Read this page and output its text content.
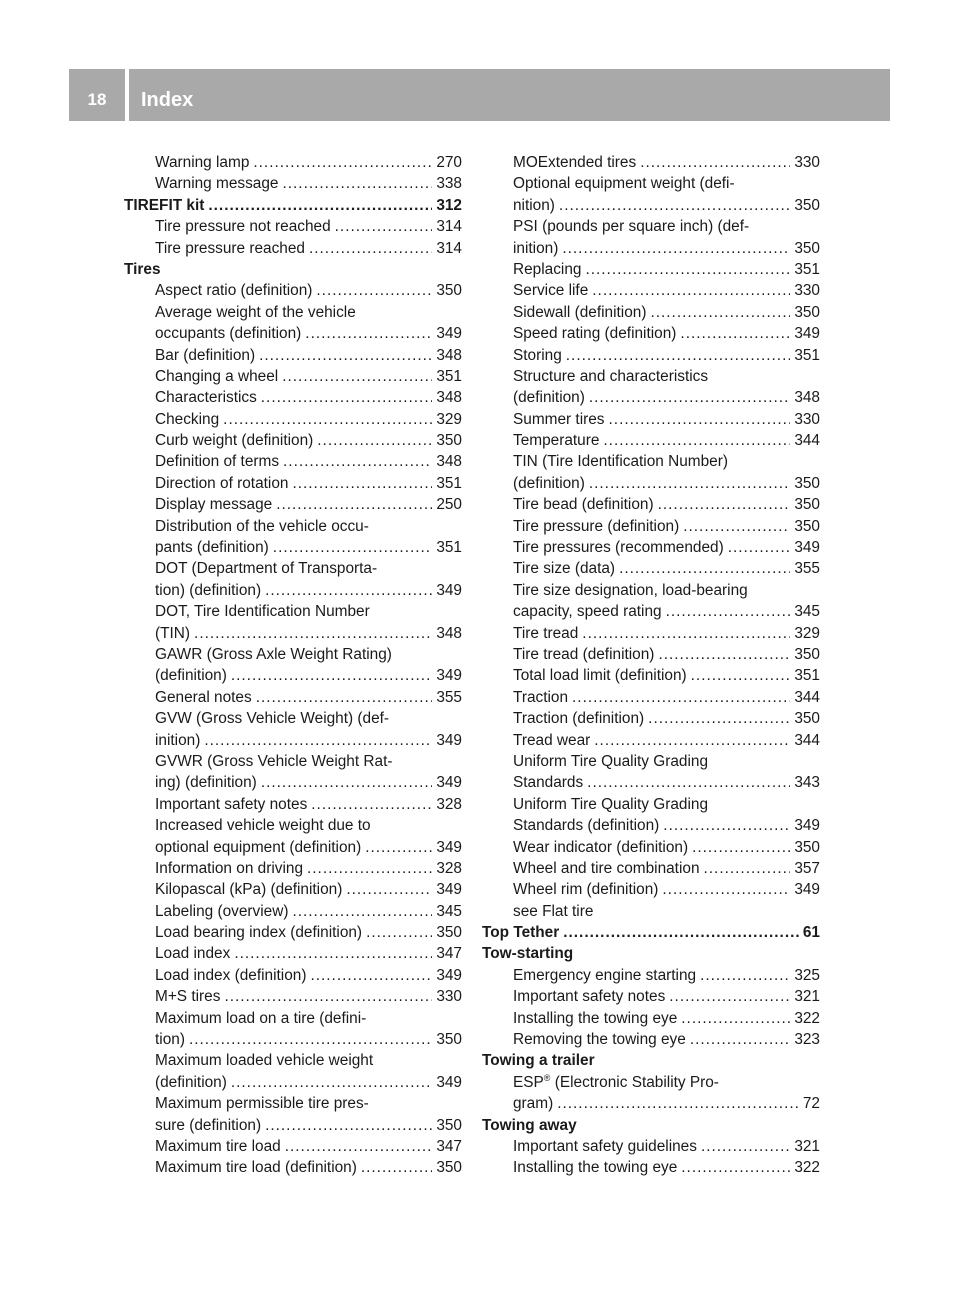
18	Index
Warning lamp .....	270
Warning message .....	338
TIREFIT kit .....	312
Tire pressure not reached .....	314
Tire pressure reached .....	314
Tires
Aspect ratio (definition) .....	350
Average weight of the vehicle
occupants (definition) .....	349
Bar (definition) .....	348
Changing a wheel .....	351
Characteristics .....	348
Checking .....	329
Curb weight (definition) .....	350
Definition of terms .....	348
Direction of rotation .....	351
Display message .....	250
Distribution of the vehicle occu-
pants (definition) .....	351
DOT (Department of Transporta-
tion) (definition) .....	349
DOT, Tire Identification Number
(TIN) .....	348
GAWR (Gross Axle Weight Rating)
(definition) .....	349
General notes .....	355
GVW (Gross Vehicle Weight) (def-
inition) .....	349
GVWR (Gross Vehicle Weight Rat-
ing) (definition) .....	349
Important safety notes .....	328
Increased vehicle weight due to
optional equipment (definition) .....	349
Information on driving .....	328
Kilopascal (kPa) (definition) .....	349
Labeling (overview) .....	345
Load bearing index (definition) .....	350
Load index .....	347
Load index (definition) .....	349
M+S tires .....	330
Maximum load on a tire (defini-
tion) .....	350
Maximum loaded vehicle weight
(definition) .....	349
Maximum permissible tire pres-
sure (definition) .....	350
Maximum tire load .....	347
Maximum tire load (definition) .....	350
MOExtended tires .....	330
Optional equipment weight (defi-
nition) .....	350
PSI (pounds per square inch) (def-
inition) .....	350
Replacing .....	351
Service life .....	330
Sidewall (definition) .....	350
Speed rating (definition) .....	349
Storing .....	351
Structure and characteristics
(definition) .....	348
Summer tires .....	330
Temperature .....	344
TIN (Tire Identification Number)
(definition) .....	350
Tire bead (definition) .....	350
Tire pressure (definition) .....	350
Tire pressures (recommended) .....	349
Tire size (data) .....	355
Tire size designation, load-bearing
capacity, speed rating .....	345
Tire tread .....	329
Tire tread (definition) .....	350
Total load limit (definition) .....	351
Traction .....	344
Traction (definition) .....	350
Tread wear .....	344
Uniform Tire Quality Grading
Standards .....	343
Uniform Tire Quality Grading
Standards (definition) .....	349
Wear indicator (definition) .....	350
Wheel and tire combination .....	357
Wheel rim (definition) .....	349
see Flat tire
Top Tether .....	61
Tow-starting
Emergency engine starting .....	325
Important safety notes .....	321
Installing the towing eye .....	322
Removing the towing eye .....	323
Towing a trailer
ESP® (Electronic Stability Pro-
gram) .....	72
Towing away
Important safety guidelines .....	321
Installing the towing eye .....	322
